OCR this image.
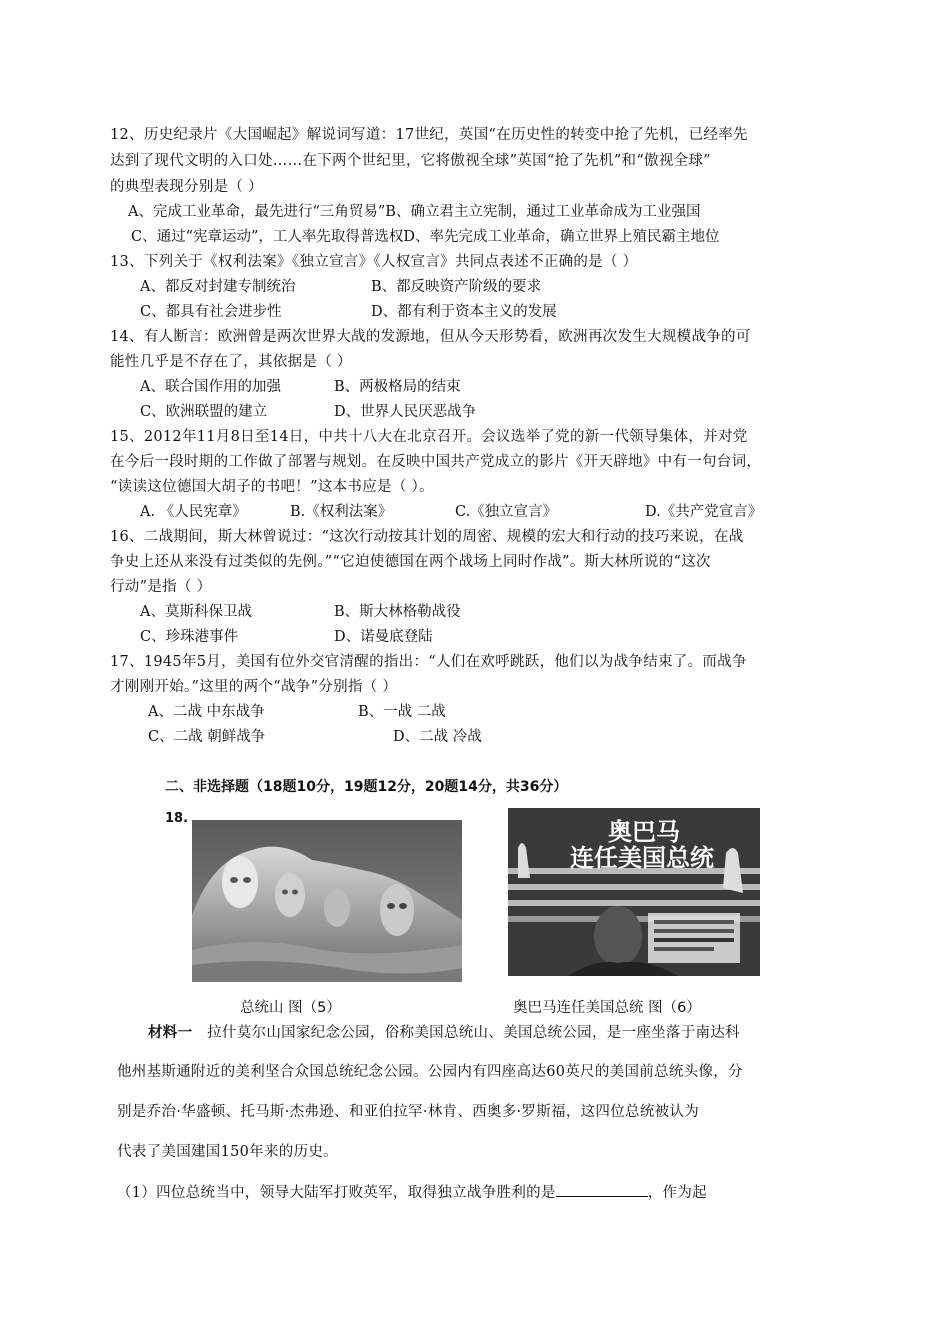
12、历史纪录片《大国崛起》解说词写道：17世纪，英国“在历史性的转变中抢了先机，已经率先
达到了现代文明的入口处……在下两个世纪里，它将傲视全球”英国“抢了先机”和“傲视全球”
的典型表现分别是（ ）
A、完成工业革命，最先进行“三角贸易”B、确立君主立宪制，通过工业革命成为工业强国
C、通过“宪章运动”，工人率先取得普选权D、率先完成工业革命，确立世界上殖民霸主地位
13、下列关于《权利法案》《独立宣言》《人权宣言》共同点表述不正确的是（ ）
A、都反对封建专制统治	B、都反映资产阶级的要求
C、都具有社会进步性	D、都有利于资本主义的发展
14、有人断言：欧洲曾是两次世界大战的发源地，但从今天形势看，欧洲再次发生大规模战争的可
能性几乎是不存在了，其依据是（ ）
A、联合国作用的加强	B、两极格局的结束
C、欧洲联盟的建立	D、世界人民厌恶战争
15、2012年11月8日至14日，中共十八大在北京召开。会议选举了党的新一代领导集体，并对党
在今后一段时期的工作做了部署与规划。在反映中国共产党成立的影片《开天辟地》中有一句台词，
“读读这位德国大胡子的书吧！”这本书应是（ ）。
A. 《人民宪章》	B.《权利法案》	C.《独立宣言》	D.《共产党宣言》
16、二战期间，斯大林曾说过：“这次行动按其计划的周密、规模的宏大和行动的技巧来说，在战
争史上还从来没有过类似的先例。”“它迫使德国在两个战场上同时作战”。斯大林所说的“这次
行动”是指（ ）
A、莫斯科保卫战	B、斯大林格勒战役
C、珍珠港事件	D、诺曼底登陆
17、1945年5月，美国有位外交官清醒的指出：“人们在欢呼跳跃，他们以为战争结束了。而战争
才刚刚开始。”这里的两个“战争”分别指（ ）
A、二战 中东战争	B、一战 二战
C、二战 朝鲜战争	D、二战 冷战
二、非选择题（18题10分，19题12分，20题14分，共36分）
18.	奥巴马
连任美国总统
总统山 图（5）	奥巴马连任美国总统 图（6）
材料一 拉什莫尔山国家纪念公园，俗称美国总统山、美国总统公园，是一座坐落于南达科
他州基斯通附近的美利坚合众国总统纪念公园。公园内有四座高达60英尺的美国前总统头像，分
别是乔治·华盛顿、托马斯·杰弗逊、和亚伯拉罕·林肯、西奥多·罗斯福，这四位总统被认为
代表了美国建国150年来的历史。
（1）四位总统当中，领导大陆军打败英军，取得独立战争胜利的是	，作为起
